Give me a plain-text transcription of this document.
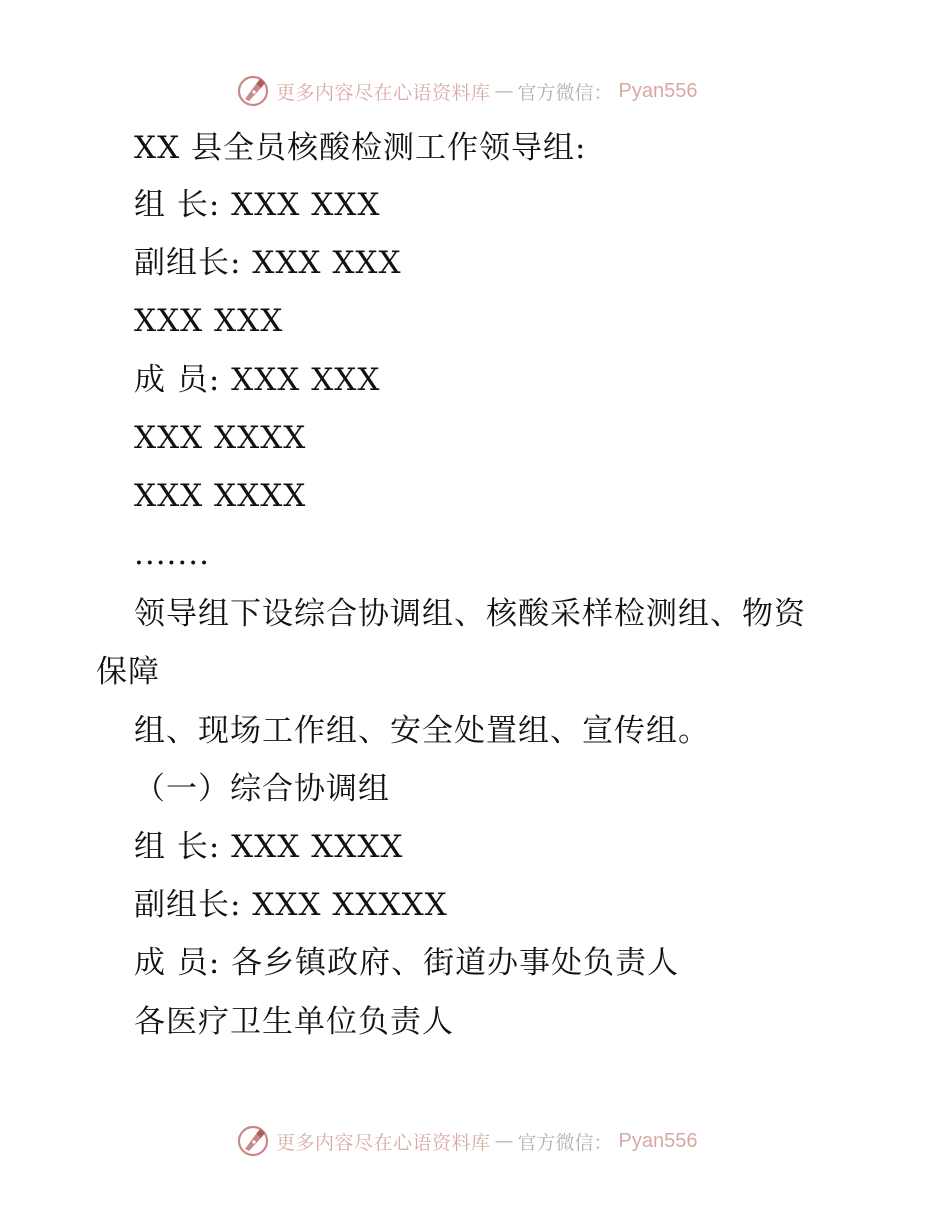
更多内容尽在心语资料库 — 官方微信： Pyan556
XX 县全员核酸检测工作领导组:
组 长: XXX XXX
副组长: XXX XXX
XXX XXX
成 员: XXX XXX
XXX XXXX
XXX XXXX
.......
领导组下设综合协调组、核酸采样检测组、物资
保障
组、现场工作组、安全处置组、宣传组。
（一）综合协调组
组 长: XXX XXXX
副组长: XXX XXXXX
成 员: 各乡镇政府、街道办事处负责人
各医疗卫生单位负责人
更多内容尽在心语资料库 — 官方微信： Pyan556
